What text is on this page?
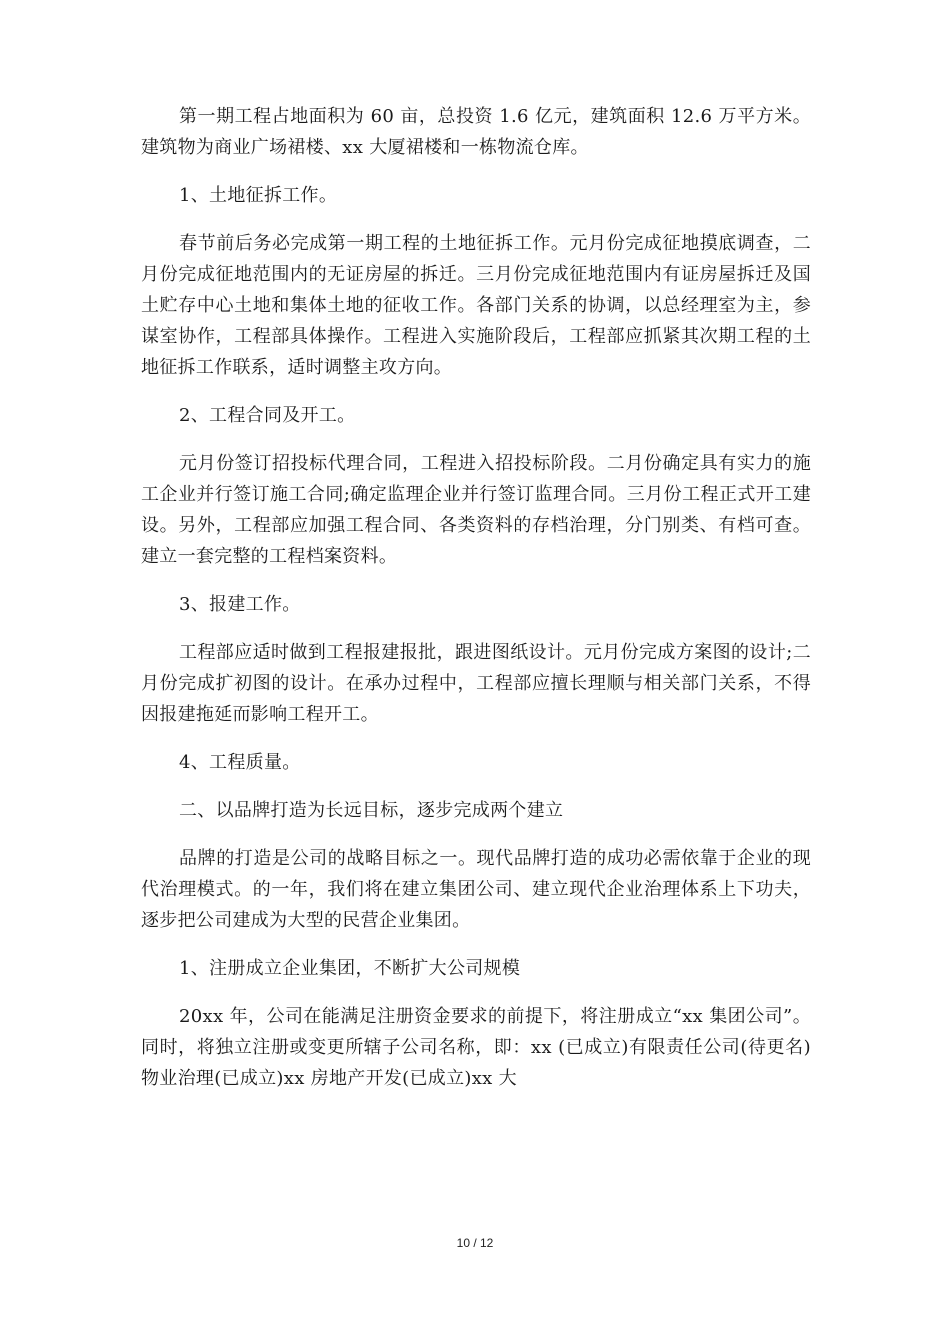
第一期工程占地面积为 60 亩，总投资 1.6 亿元，建筑面积 12.6 万平方米。建筑物为商业广场裙楼、xx 大厦裙楼和一栋物流仓库。

1、土地征拆工作。

春节前后务必完成第一期工程的土地征拆工作。元月份完成征地摸底调查，二月份完成征地范围内的无证房屋的拆迁。三月份完成征地范围内有证房屋拆迁及国土贮存中心土地和集体土地的征收工作。各部门关系的协调，以总经理室为主，参谋室协作，工程部具体操作。工程进入实施阶段后，工程部应抓紧其次期工程的土地征拆工作联系，适时调整主攻方向。

2、工程合同及开工。

元月份签订招投标代理合同，工程进入招投标阶段。二月份确定具有实力的施工企业并行签订施工合同;确定监理企业并行签订监理合同。三月份工程正式开工建设。另外，工程部应加强工程合同、各类资料的存档治理，分门别类、有档可查。建立一套完整的工程档案资料。

3、报建工作。

工程部应适时做到工程报建报批，跟进图纸设计。元月份完成方案图的设计;二月份完成扩初图的设计。在承办过程中，工程部应擅长理顺与相关部门关系，不得因报建拖延而影响工程开工。

4、工程质量。

二、以品牌打造为长远目标，逐步完成两个建立

品牌的打造是公司的战略目标之一。现代品牌打造的成功必需依靠于企业的现代治理模式。的一年，我们将在建立集团公司、建立现代企业治理体系上下功夫，逐步把公司建成为大型的民营企业集团。

1、注册成立企业集团，不断扩大公司规模

20xx 年，公司在能满足注册资金要求的前提下，将注册成立“xx 集团公司”。同时，将独立注册或变更所辖子公司名称，即：xx (已成立)有限责任公司(待更名)物业治理(已成立)xx 房地产开发(已成立)xx 大

10 / 12
